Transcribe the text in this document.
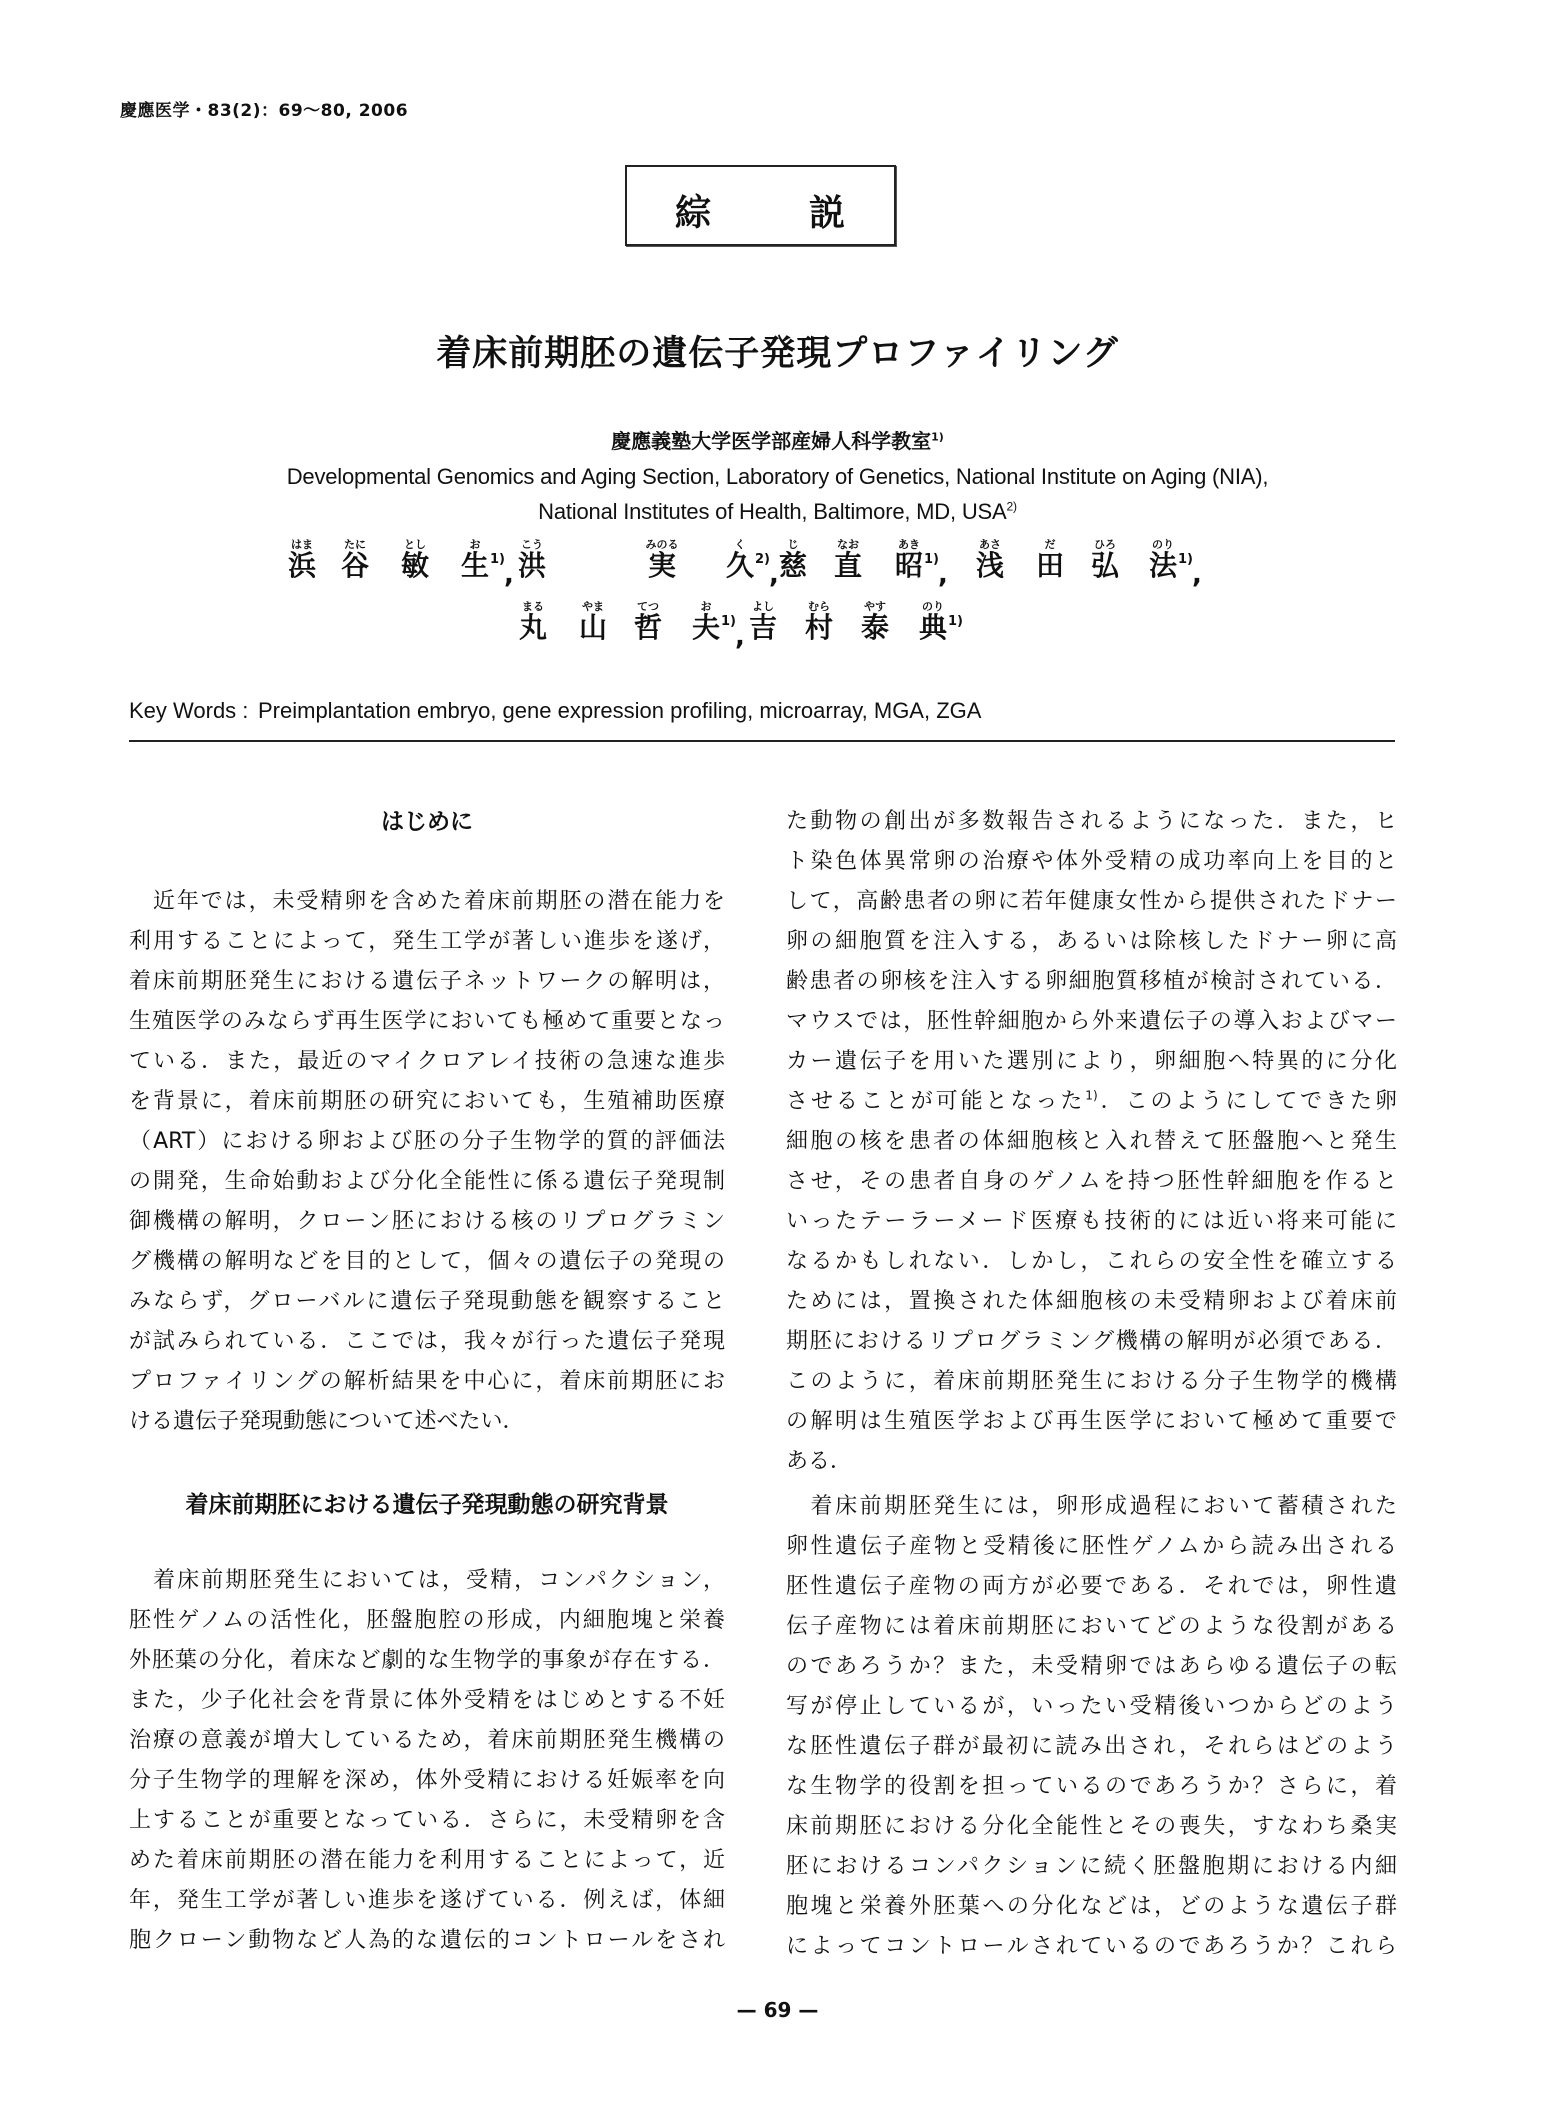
慶應医学・83(2)：69～80, 2006
綜	説
着床前期胚の遺伝子発現プロファイリング
慶應義塾大学医学部産婦人科学教室$^{1)}$
Developmental Genomics and Aging Section, Laboratory of Genetics, National Institute on Aging (NIA),
National Institutes of Health, Baltimore, MD, USA$^{2)}$
はま
浜
たに
谷
とし
敏
お
生
こう
洪
みのる
実
く
久
じ
慈
なお
直
あき
昭
あさ
浅
だ
田
ひろ
弘
のり
法
まる
丸
やま
山
てつ
哲
お
夫
よし
吉
むら
村
やす
泰
のり
典
1)
,
2)
,
1)
,
1)
,
1)
,
1)
Key Words : Preimplantation embryo, gene expression profiling, microarray, MGA, ZGA
はじめに
　近年では，未受精卵を含めた着床前期胚の潜在能力を
利用することによって，発生工学が著しい進歩を遂げ，
着床前期胚発生における遺伝子ネットワークの解明は，
生殖医学のみならず再生医学においても極めて重要となっ
ている．また，最近のマイクロアレイ技術の急速な進歩
を背景に，着床前期胚の研究においても，生殖補助医療
（ART）における卵および胚の分子生物学的質的評価法
の開発，生命始動および分化全能性に係る遺伝子発現制
御機構の解明，クローン胚における核のリプログラミン
グ機構の解明などを目的として，個々の遺伝子の発現の
みならず，グローバルに遺伝子発現動態を観察すること
が試みられている．ここでは，我々が行った遺伝子発現
プロファイリングの解析結果を中心に，着床前期胚にお
ける遺伝子発現動態について述べたい．
着床前期胚における遺伝子発現動態の研究背景
　着床前期胚発生においては，受精，コンパクション，
胚性ゲノムの活性化，胚盤胞腔の形成，内細胞塊と栄養
外胚葉の分化，着床など劇的な生物学的事象が存在する．
また，少子化社会を背景に体外受精をはじめとする不妊
治療の意義が増大しているため，着床前期胚発生機構の
分子生物学的理解を深め，体外受精における妊娠率を向
上することが重要となっている．さらに，未受精卵を含
めた着床前期胚の潜在能力を利用することによって，近
年，発生工学が著しい進歩を遂げている．例えば，体細
胞クローン動物など人為的な遺伝的コントロールをされ
た動物の創出が多数報告されるようになった．また，ヒ
ト染色体異常卵の治療や体外受精の成功率向上を目的と
して，高齢患者の卵に若年健康女性から提供されたドナー
卵の細胞質を注入する，あるいは除核したドナー卵に高
齢患者の卵核を注入する卵細胞質移植が検討されている．
マウスでは，胚性幹細胞から外来遺伝子の導入およびマー
カー遺伝子を用いた選別により，卵細胞へ特異的に分化
させることが可能となった$^{1)}$．このようにしてできた卵
細胞の核を患者の体細胞核と入れ替えて胚盤胞へと発生
させ，その患者自身のゲノムを持つ胚性幹細胞を作ると
いったテーラーメード医療も技術的には近い将来可能に
なるかもしれない．しかし，これらの安全性を確立する
ためには，置換された体細胞核の未受精卵および着床前
期胚におけるリプログラミング機構の解明が必須である．
このように，着床前期胚発生における分子生物学的機構
の解明は生殖医学および再生医学において極めて重要で
ある．
　着床前期胚発生には，卵形成過程において蓄積された
卵性遺伝子産物と受精後に胚性ゲノムから読み出される
胚性遺伝子産物の両方が必要である．それでは，卵性遺
伝子産物には着床前期胚においてどのような役割がある
のであろうか？また，未受精卵ではあらゆる遺伝子の転
写が停止しているが，いったい受精後いつからどのよう
な胚性遺伝子群が最初に読み出され，それらはどのよう
な生物学的役割を担っているのであろうか？さらに，着
床前期胚における分化全能性とその喪失，すなわち桑実
胚におけるコンパクションに続く胚盤胞期における内細
胞塊と栄養外胚葉への分化などは，どのような遺伝子群
によってコントロールされているのであろうか？これら
— 69 —
